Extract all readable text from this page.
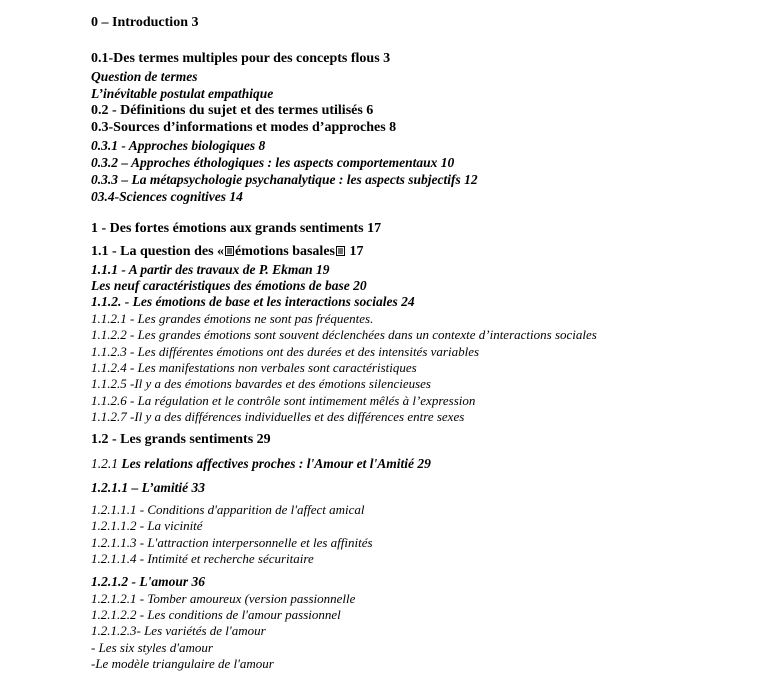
0 – Introduction 3
0.1-Des termes multiples pour des concepts flous 3
Question de termes
L’inévitable postulat empathique
0.2 - Définitions du sujet et des termes utilisés 6
0.3-Sources d’informations et modes d’approches 8
0.3.1 - Approches biologiques 8
0.3.2 – Approches éthologiques : les aspects comportementaux 10
0.3.3 – La métapsychologie psychanalytique : les aspects subjectifs 12
03.4-Sciences cognitives 14
1 - Des fortes émotions aux grands sentiments 17
1.1 - La question des « émotions basales 17
1.1.1 - A partir des travaux de P. Ekman 19
Les neuf caractéristiques des émotions de base 20
1.1.2. - Les émotions de base et les interactions sociales 24
1.1.2.1 - Les grandes émotions ne sont pas fréquentes.
1.1.2.2 - Les grandes émotions sont souvent déclenchées dans un contexte d’interactions sociales
1.1.2.3 - Les différentes émotions ont des durées et des intensités variables
1.1.2.4 - Les manifestations non verbales sont caractéristiques
1.1.2.5 -Il y a des émotions bavardes et des émotions silencieuses
1.1.2.6 - La régulation et le contrôle sont intimement mêlés à l’expression
1.1.2.7 -Il y a des différences individuelles et des différences entre sexes
1.2 - Les grands sentiments 29
1.2.1 Les relations affectives proches : l'Amour et l'Amitié 29
1.2.1.1 – L’amitié 33
1.2.1.1.1 - Conditions d'apparition de l'affect amical
1.2.1.1.2 - La vicinité
1.2.1.1.3 - L'attraction interpersonnelle et les affinités
1.2.1.1.4 - Intimité et recherche sécuritaire
1.2.1.2 - L'amour 36
1.2.1.2.1 - Tomber amoureux (version passionnelle
1.2.1.2.2 - Les conditions de l'amour passionnel
1.2.1.2.3- Les variétés de l'amour
- Les six styles d'amour
-Le modèle triangulaire de l'amour
